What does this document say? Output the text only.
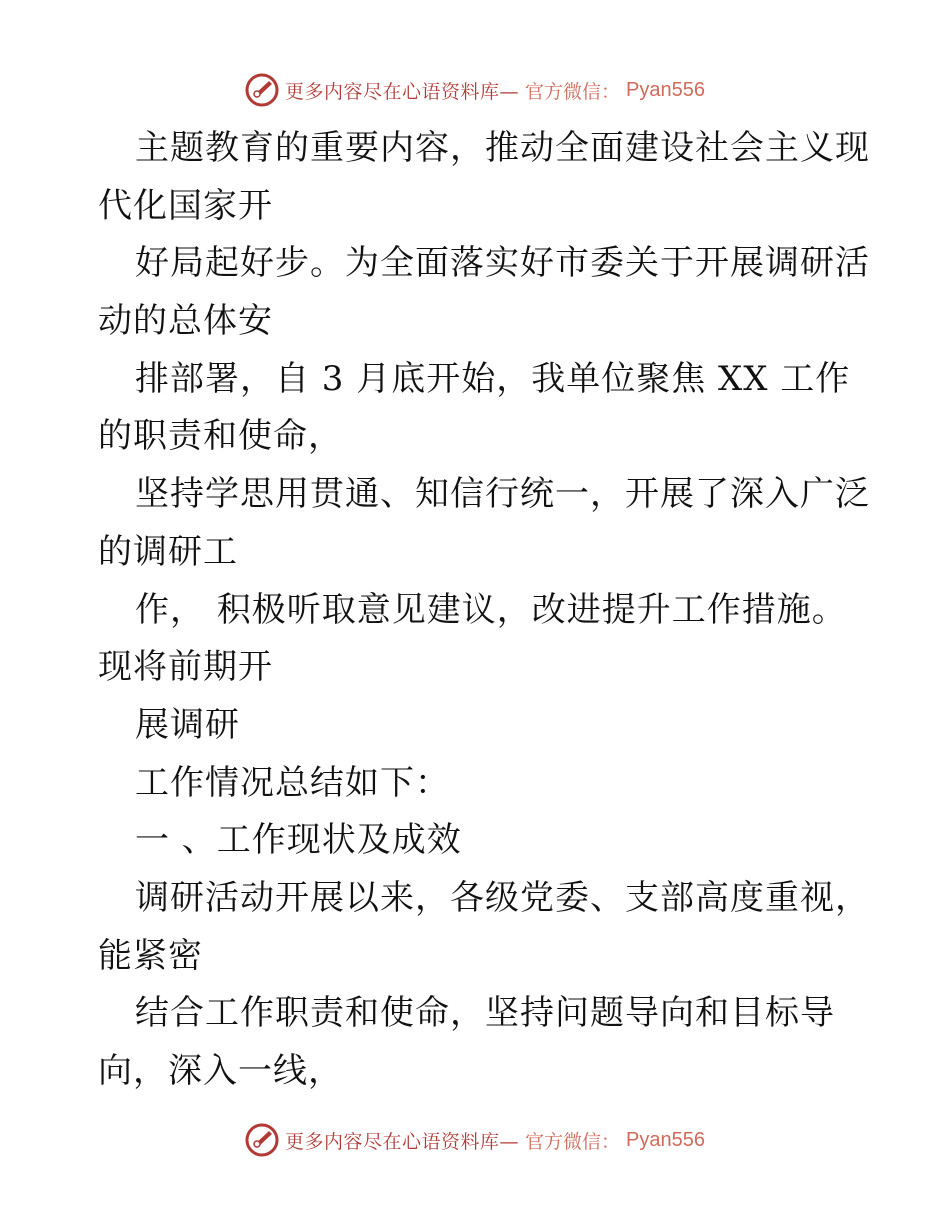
更多内容尽在心语资料库— 官方微信： Pyan556
主题教育的重要内容，推动全面建设社会主义现
代化国家开
好局起好步。为全面落实好市委关于开展调研活
动的总体安
排部署，自 3 月底开始，我单位聚焦 XX 工作
的职责和使命，
坚持学思用贯通、知信行统一，开展了深入广泛
的调研工
作， 积极听取意见建议，改进提升工作措施。
现将前期开
展调研
工作情况总结如下：
一 、工作现状及成效
调研活动开展以来，各级党委、支部高度重视，
能紧密
结合工作职责和使命，坚持问题导向和目标导
向，深入一线，
更多内容尽在心语资料库— 官方微信： Pyan556
